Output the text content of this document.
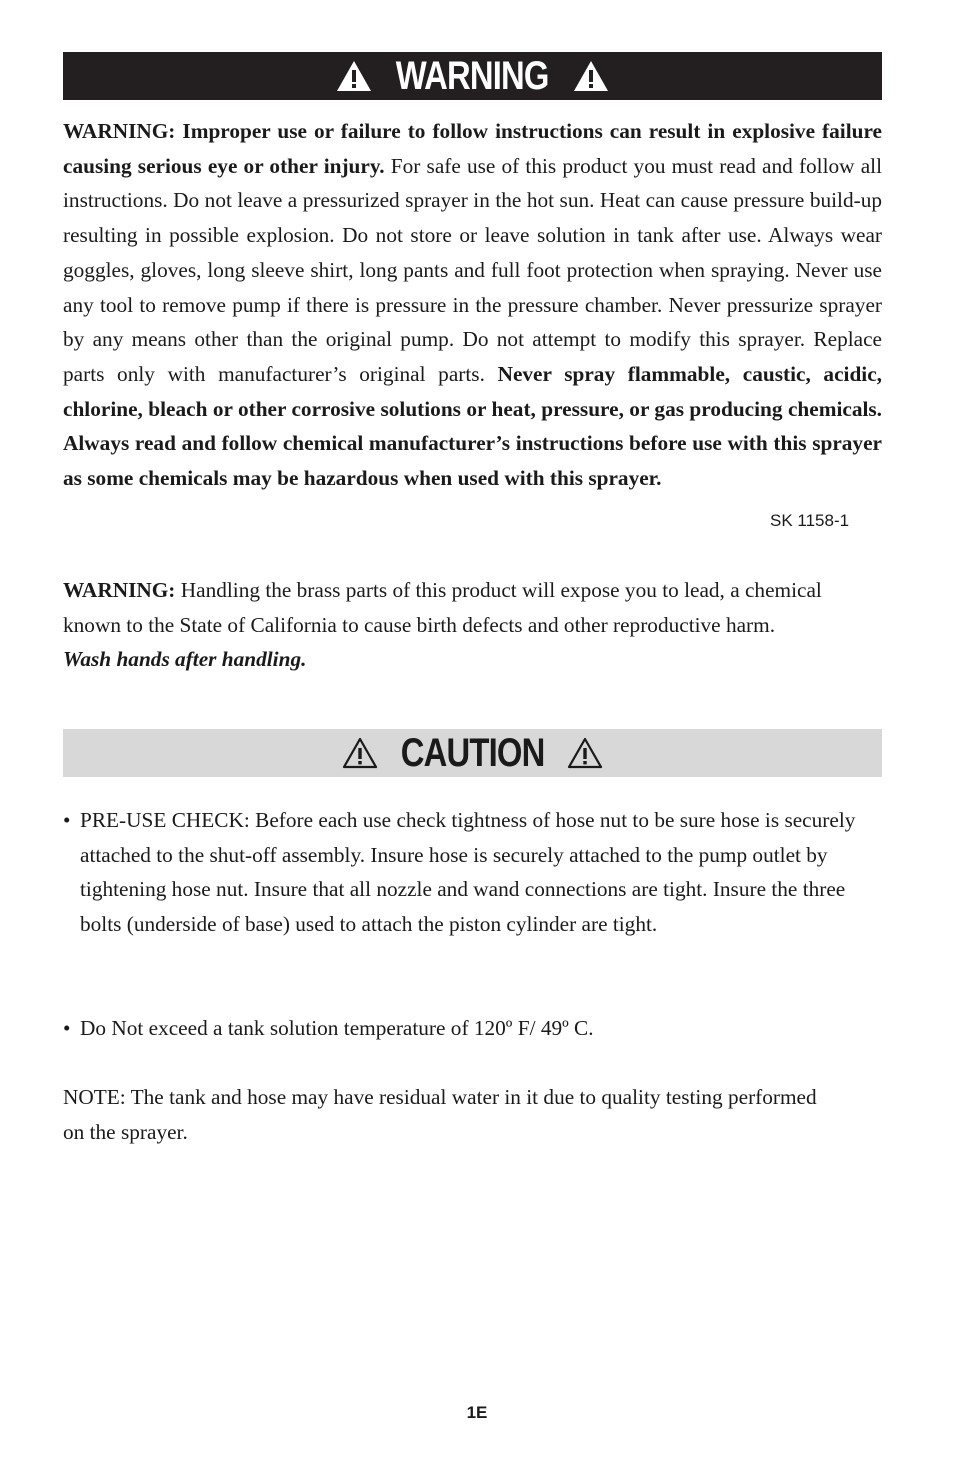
WARNING

WARNING: Improper use or failure to follow instructions can result in explosive failure causing serious eye or other injury. For safe use of this product you must read and follow all instructions. Do not leave a pressurized sprayer in the hot sun. Heat can cause pressure build-up resulting in possible explosion. Do not store or leave solution in tank after use. Always wear goggles, gloves, long sleeve shirt, long pants and full foot protection when spraying. Never use any tool to remove pump if there is pressure in the pressure chamber. Never pressurize sprayer by any means other than the original pump. Do not attempt to modify this sprayer. Replace parts only with manufacturer’s original parts. Never spray flammable, caustic, acidic, chlorine, bleach or other corrosive solutions or heat, pressure, or gas producing chemicals. Always read and follow chemical manufacturer’s instructions before use with this sprayer as some chemicals may be hazardous when used with this sprayer.

SK 1158-1

WARNING: Handling the brass parts of this product will expose you to lead, a chemical known to the State of California to cause birth defects and other reproductive harm.
Wash hands after handling.

CAUTION
• PRE-USE CHECK: Before each use check tightness of hose nut to be sure hose is securely attached to the shut-off assembly. Insure hose is securely attached to the pump outlet by tightening hose nut. Insure that all nozzle and wand connections are tight. Insure the three bolts (underside of base) used to attach the piston cylinder are tight.
• Do Not exceed a tank solution temperature of 120º F/ 49º C.

NOTE: The tank and hose may have residual water in it due to quality testing performed on the sprayer.

1E
